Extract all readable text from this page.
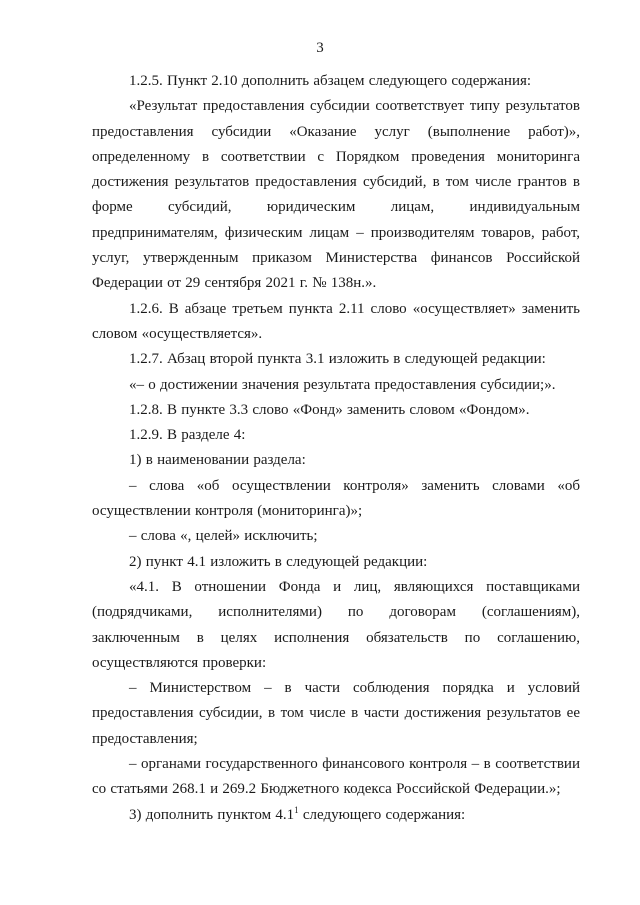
3

1.2.5. Пункт 2.10 дополнить абзацем следующего содержания:

«Результат предоставления субсидии соответствует типу результатов предоставления субсидии «Оказание услуг (выполнение работ)», определенному в соответствии с Порядком проведения мониторинга достижения результатов предоставления субсидий, в том числе грантов в форме субсидий, юридическим лицам, индивидуальным предпринимателям, физическим лицам – производителям товаров, работ, услуг, утвержденным приказом Министерства финансов Российской Федерации от 29 сентября 2021 г. № 138н.».

1.2.6. В абзаце третьем пункта 2.11 слово «осуществляет» заменить словом «осуществляется».

1.2.7. Абзац второй пункта 3.1 изложить в следующей редакции:

«– о достижении значения результата предоставления субсидии;».

1.2.8. В пункте 3.3 слово «Фонд» заменить словом «Фондом».

1.2.9. В разделе 4:

1) в наименовании раздела:

– слова «об осуществлении контроля» заменить словами «об осуществлении контроля (мониторинга)»;

– слова «, целей» исключить;

2) пункт 4.1 изложить в следующей редакции:

«4.1. В отношении Фонда и лиц, являющихся поставщиками (подрядчиками, исполнителями) по договорам (соглашениям), заключенным в целях исполнения обязательств по соглашению, осуществляются проверки:

– Министерством – в части соблюдения порядка и условий предоставления субсидии, в том числе в части достижения результатов ее предоставления;

– органами государственного финансового контроля – в соответствии со статьями 268.1 и 269.2 Бюджетного кодекса Российской Федерации.»;

3) дополнить пунктом $4.1^1$ следующего содержания:
